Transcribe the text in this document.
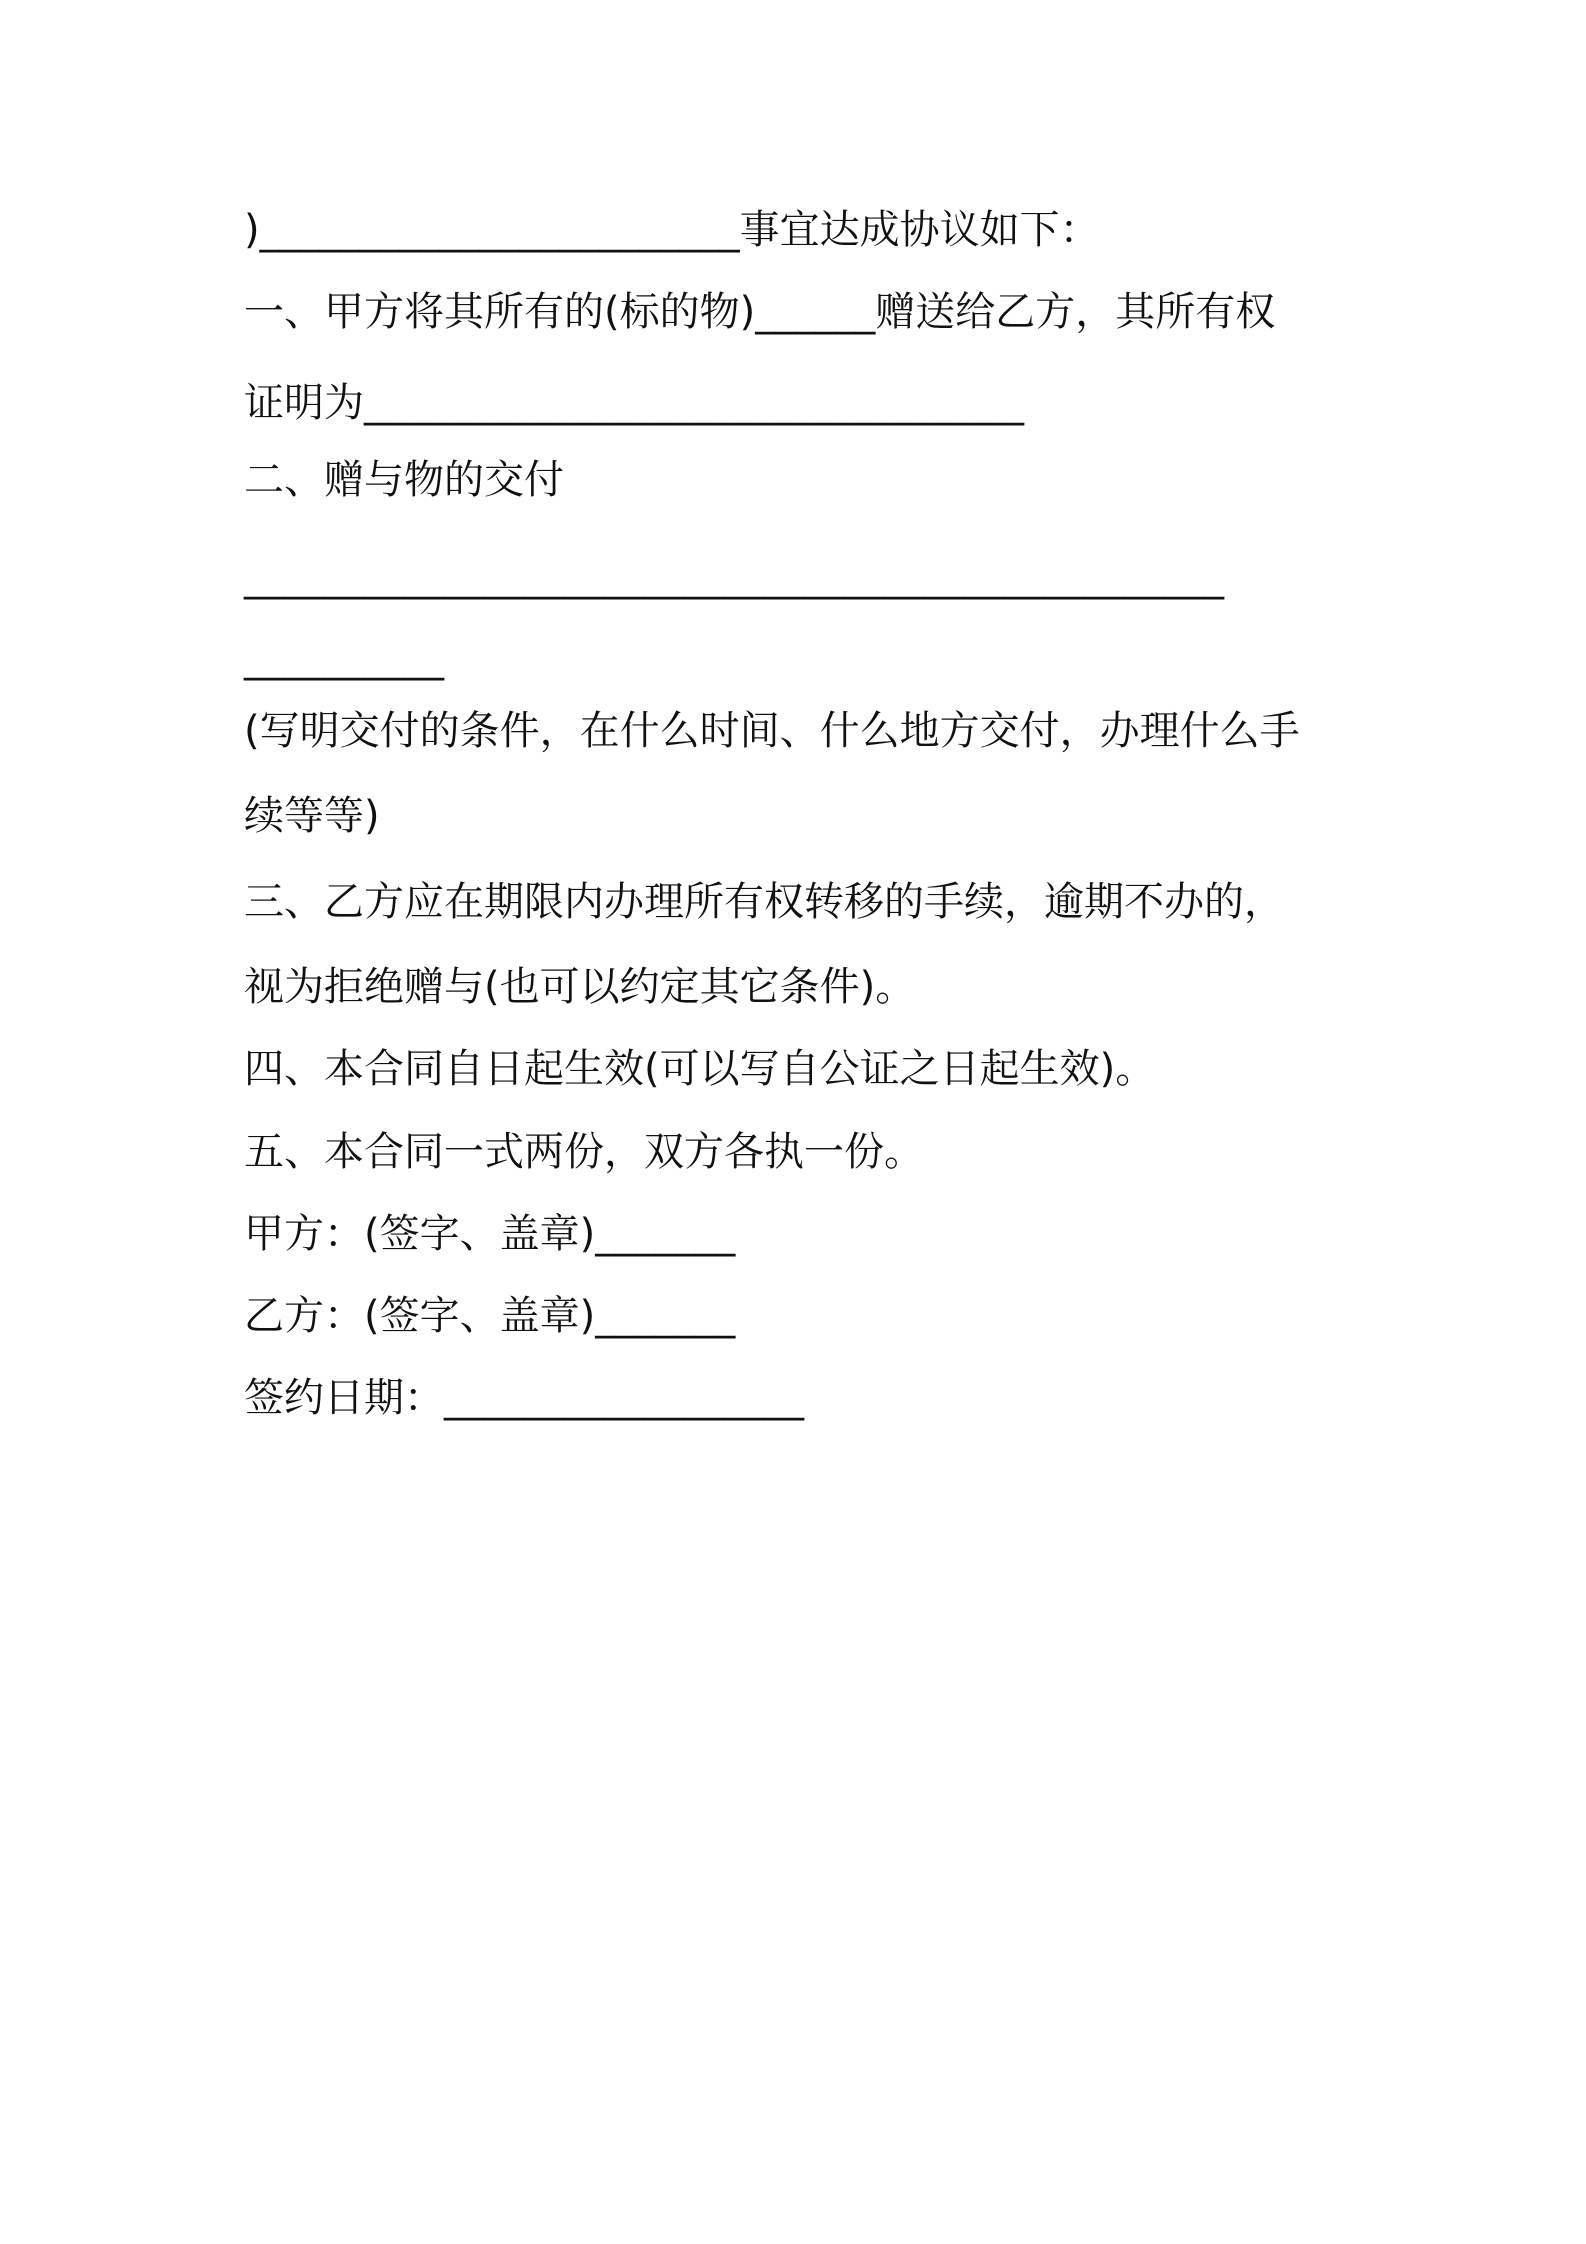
)________________________事宜达成协议如下：
一、甲方将其所有的(标的物)______赠送给乙方，其所有权
证明为_________________________________
二、赠与物的交付
_________________________________________________
__________
(写明交付的条件，在什么时间、什么地方交付，办理什么手
续等等)
三、乙方应在期限内办理所有权转移的手续，逾期不办的，
视为拒绝赠与(也可以约定其它条件)。
四、本合同自日起生效(可以写自公证之日起生效)。
五、本合同一式两份，双方各执一份。
甲方：(签字、盖章)_______
乙方：(签字、盖章)_______
签约日期：__________________
